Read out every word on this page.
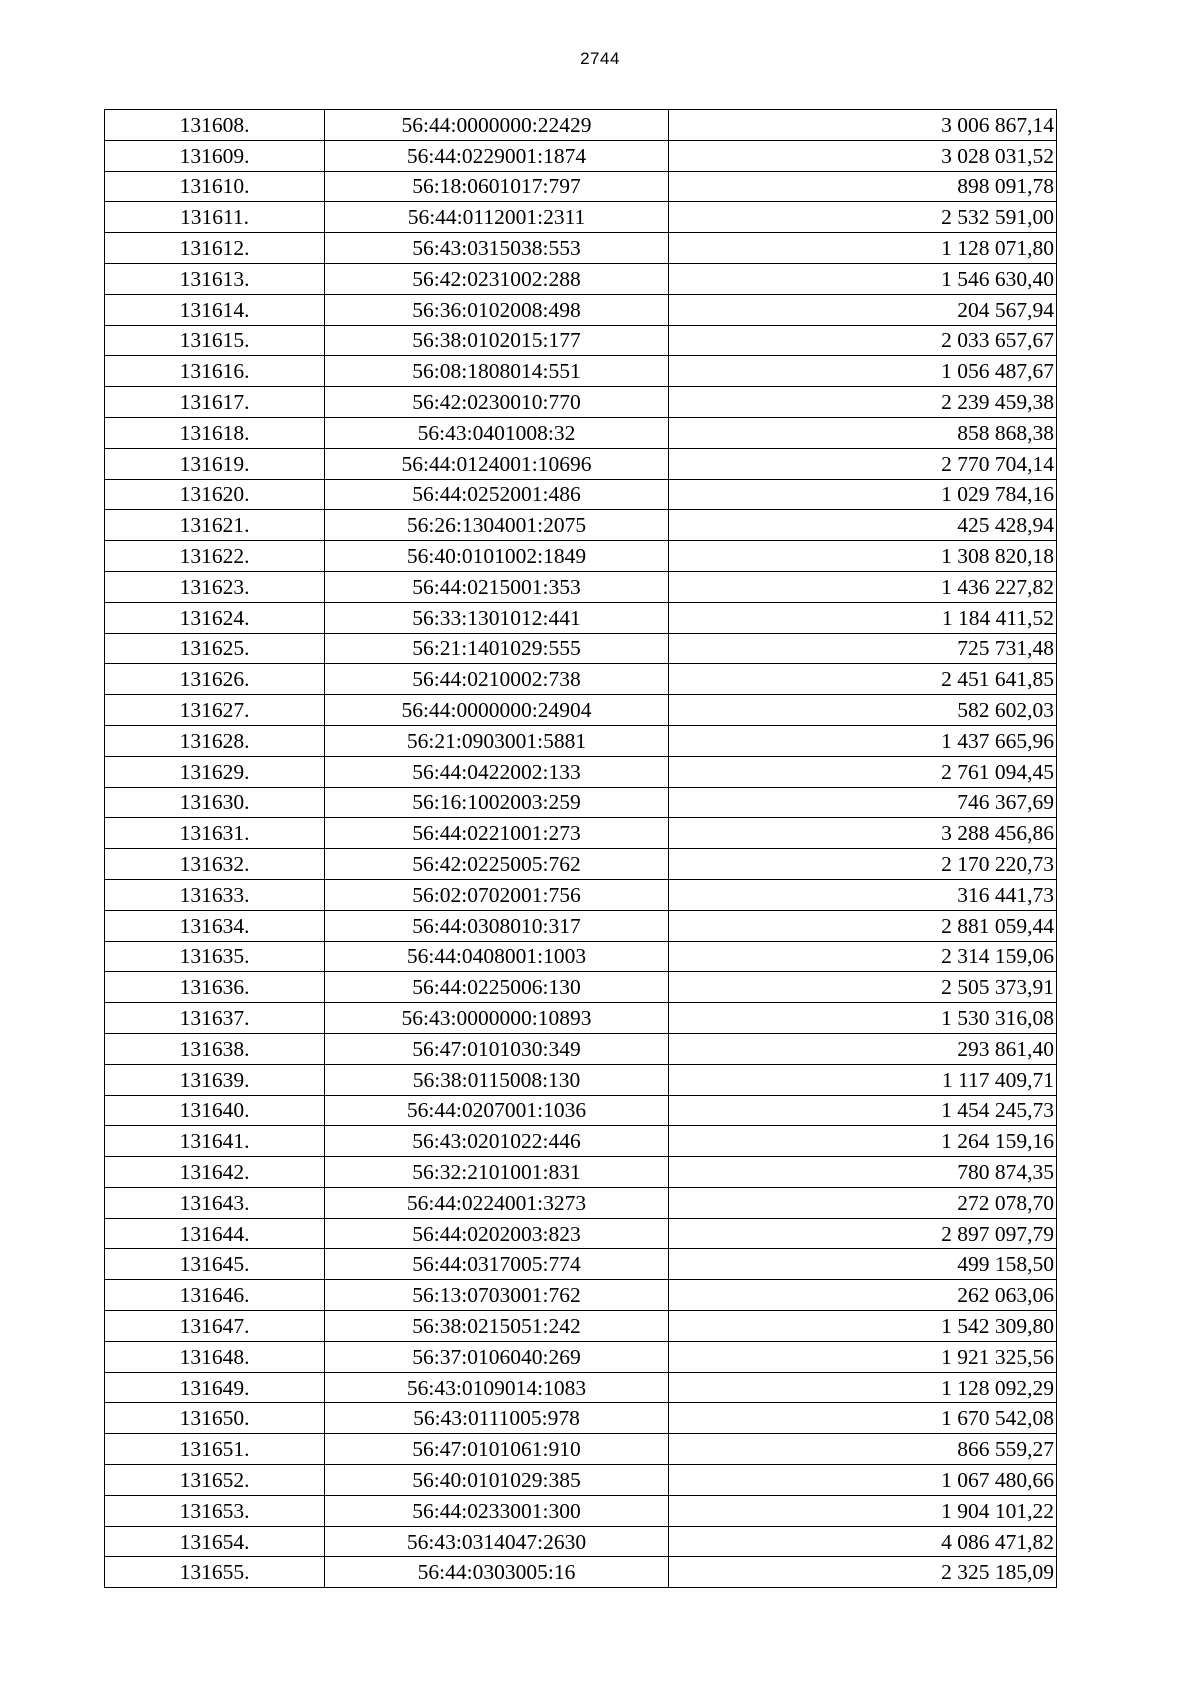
2744
131608.	56:44:0000000:22429	3 006 867,14
131609.	56:44:0229001:1874	3 028 031,52
131610.	56:18:0601017:797	898 091,78
131611.	56:44:0112001:2311	2 532 591,00
131612.	56:43:0315038:553	1 128 071,80
131613.	56:42:0231002:288	1 546 630,40
131614.	56:36:0102008:498	204 567,94
131615.	56:38:0102015:177	2 033 657,67
131616.	56:08:1808014:551	1 056 487,67
131617.	56:42:0230010:770	2 239 459,38
131618.	56:43:0401008:32	858 868,38
131619.	56:44:0124001:10696	2 770 704,14
131620.	56:44:0252001:486	1 029 784,16
131621.	56:26:1304001:2075	425 428,94
131622.	56:40:0101002:1849	1 308 820,18
131623.	56:44:0215001:353	1 436 227,82
131624.	56:33:1301012:441	1 184 411,52
131625.	56:21:1401029:555	725 731,48
131626.	56:44:0210002:738	2 451 641,85
131627.	56:44:0000000:24904	582 602,03
131628.	56:21:0903001:5881	1 437 665,96
131629.	56:44:0422002:133	2 761 094,45
131630.	56:16:1002003:259	746 367,69
131631.	56:44:0221001:273	3 288 456,86
131632.	56:42:0225005:762	2 170 220,73
131633.	56:02:0702001:756	316 441,73
131634.	56:44:0308010:317	2 881 059,44
131635.	56:44:0408001:1003	2 314 159,06
131636.	56:44:0225006:130	2 505 373,91
131637.	56:43:0000000:10893	1 530 316,08
131638.	56:47:0101030:349	293 861,40
131639.	56:38:0115008:130	1 117 409,71
131640.	56:44:0207001:1036	1 454 245,73
131641.	56:43:0201022:446	1 264 159,16
131642.	56:32:2101001:831	780 874,35
131643.	56:44:0224001:3273	272 078,70
131644.	56:44:0202003:823	2 897 097,79
131645.	56:44:0317005:774	499 158,50
131646.	56:13:0703001:762	262 063,06
131647.	56:38:0215051:242	1 542 309,80
131648.	56:37:0106040:269	1 921 325,56
131649.	56:43:0109014:1083	1 128 092,29
131650.	56:43:0111005:978	1 670 542,08
131651.	56:47:0101061:910	866 559,27
131652.	56:40:0101029:385	1 067 480,66
131653.	56:44:0233001:300	1 904 101,22
131654.	56:43:0314047:2630	4 086 471,82
131655.	56:44:0303005:16	2 325 185,09
